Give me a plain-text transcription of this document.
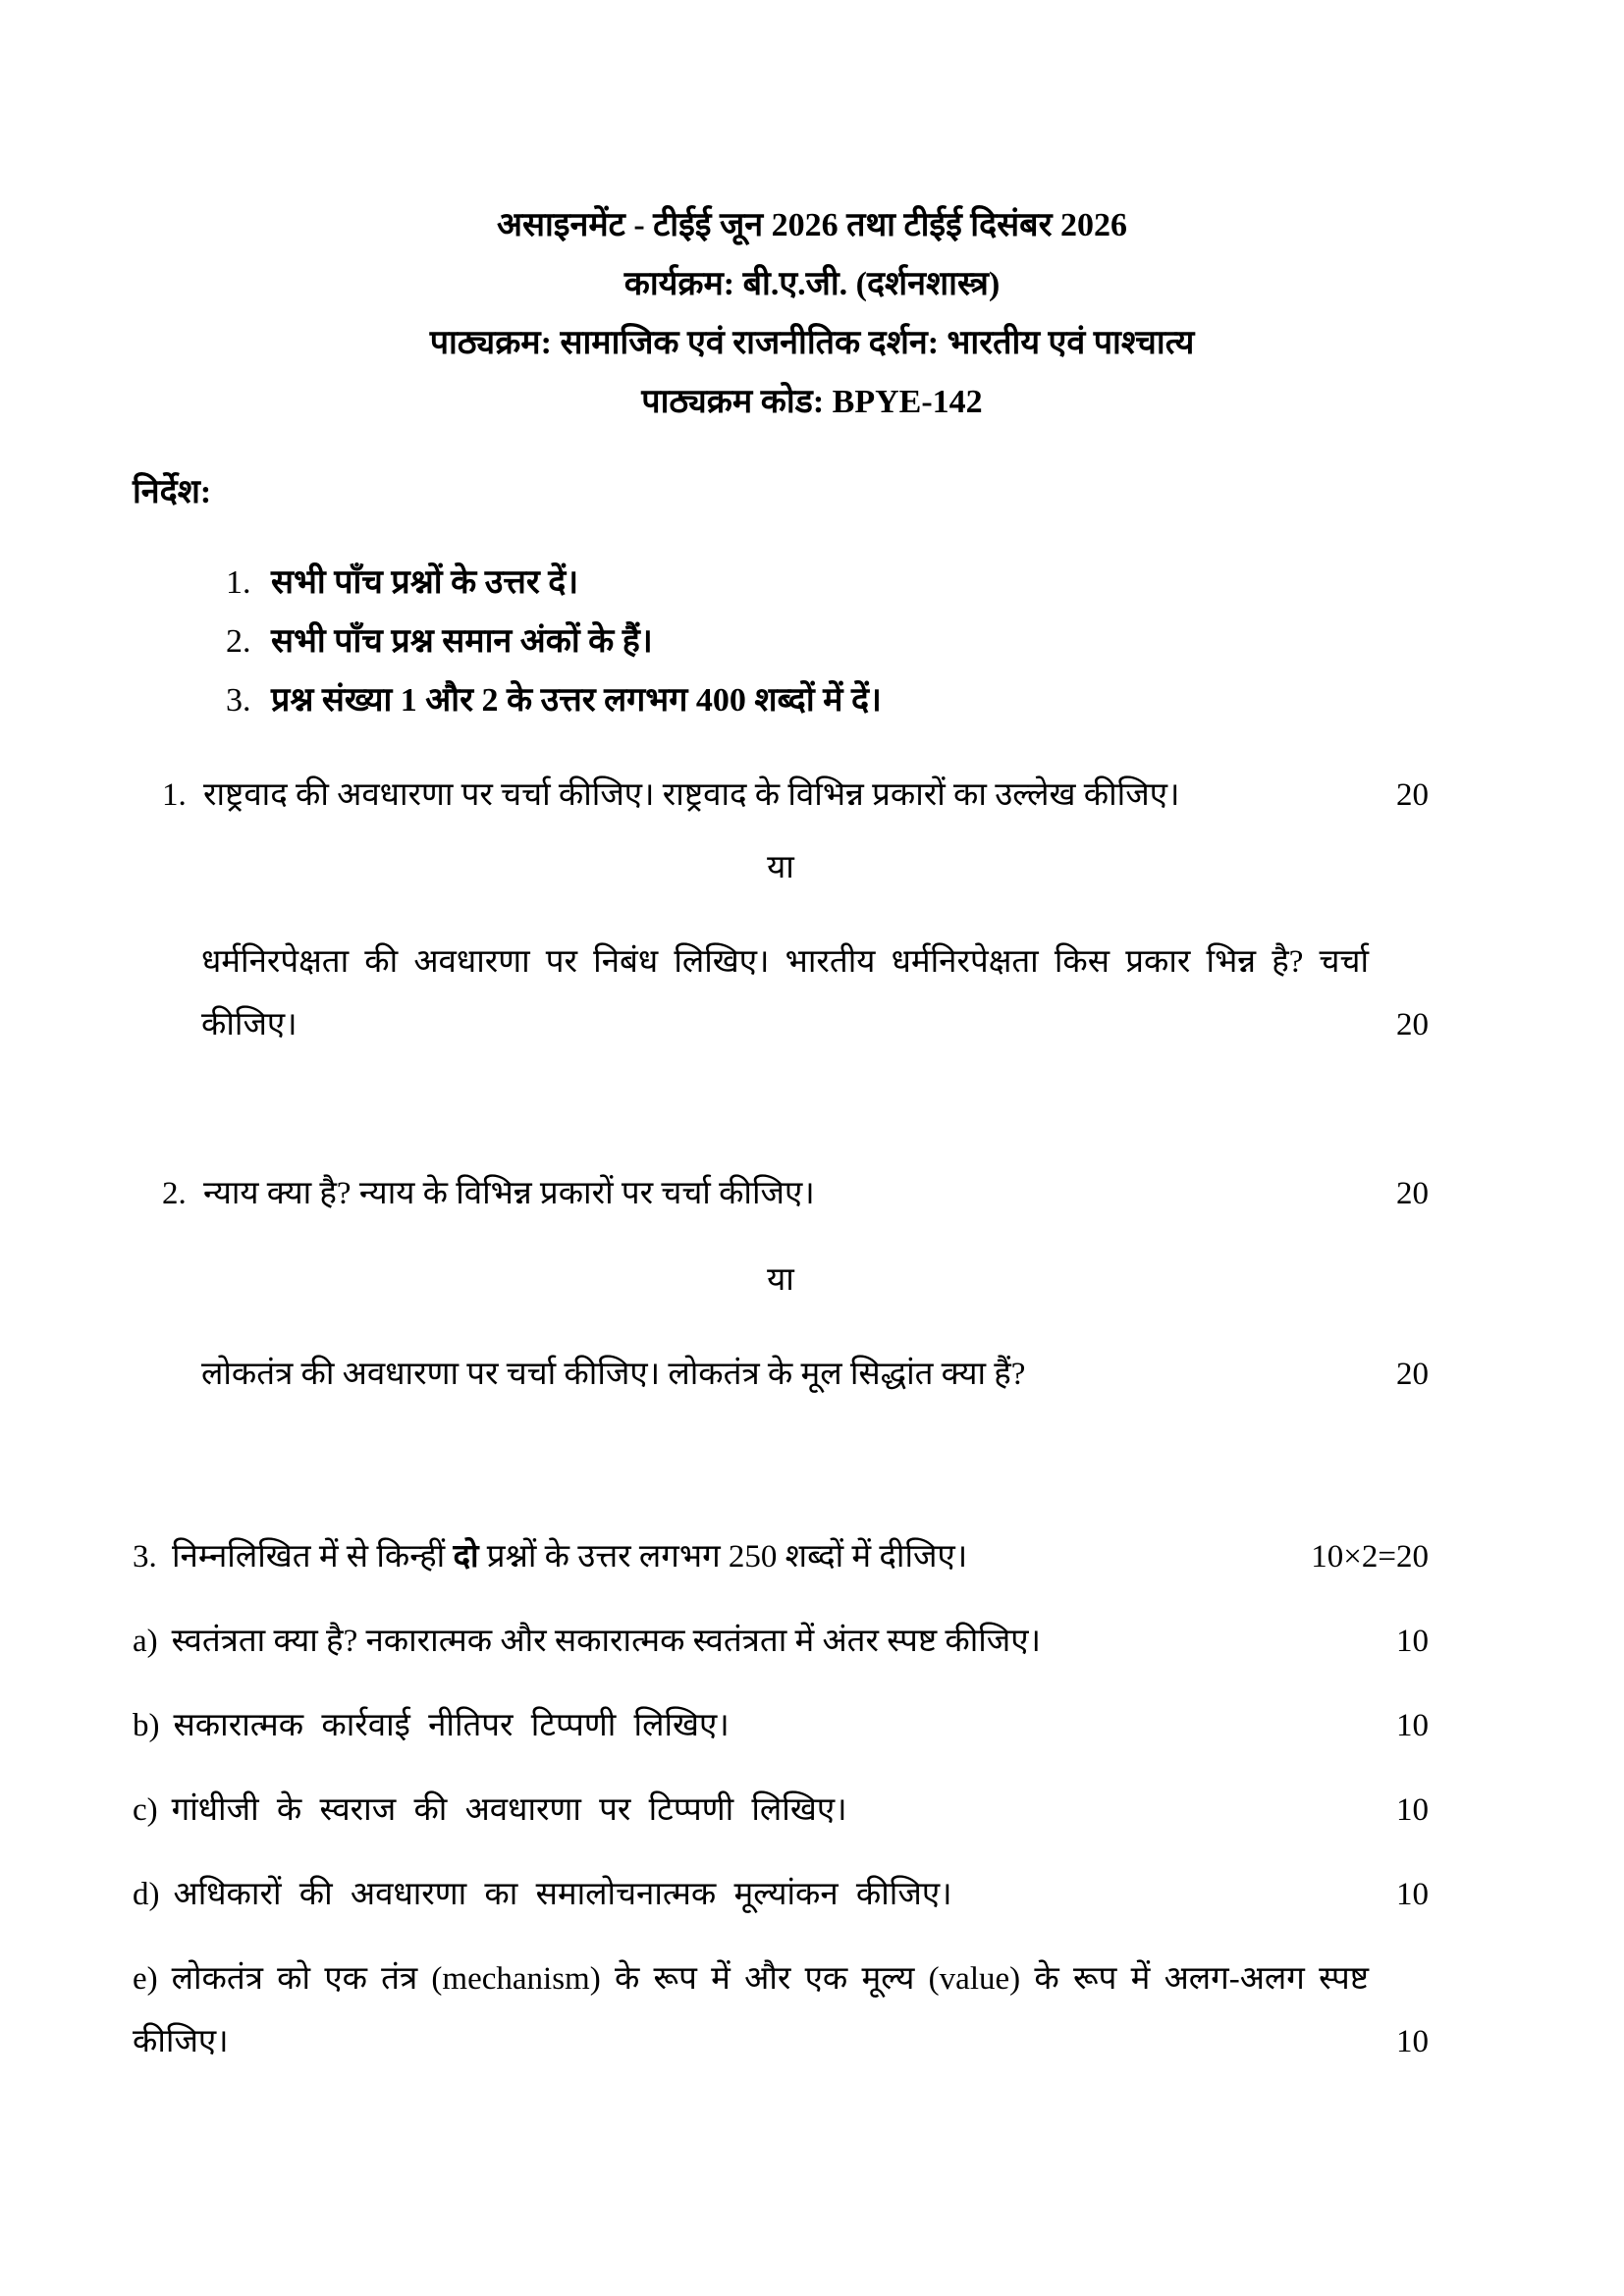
असाइनमेंट - टीईई जून 2026 तथा टीईई दिसंबर 2026
कार्यक्रम: बी.ए.जी. (दर्शनशास्त्र)
पाठ्यक्रम: सामाजिक एवं राजनीतिक दर्शन: भारतीय एवं पाश्चात्य
पाठ्यक्रम कोड: BPYE-142
निर्देश:
1. सभी पाँच प्रश्नों के उत्तर दें।
2. सभी पाँच प्रश्न समान अंकों के हैं।
3. प्रश्न संख्या 1 और 2 के उत्तर लगभग 400 शब्दों में दें।
1. राष्ट्रवाद की अवधारणा पर चर्चा कीजिए। राष्ट्रवाद के विभिन्न प्रकारों का उल्लेख कीजिए।	20
या
धर्मनिरपेक्षता की अवधारणा पर निबंध लिखिए। भारतीय धर्मनिरपेक्षता किस प्रकार भिन्न है? चर्चा कीजिए।	20
2. न्याय क्या है? न्याय के विभिन्न प्रकारों पर चर्चा कीजिए।	20
या
लोकतंत्र की अवधारणा पर चर्चा कीजिए। लोकतंत्र के मूल सिद्धांत क्या हैं?	20
3. निम्नलिखित में से किन्हीं दो प्रश्नों के उत्तर लगभग 250 शब्दों में दीजिए।	10×2=20
a) स्वतंत्रता क्या है? नकारात्मक और सकारात्मक स्वतंत्रता में अंतर स्पष्ट कीजिए।	10
b) सकारात्मक कार्रवाई नीतिपर टिप्पणी लिखिए।	10
c) गांधीजी के स्वराज की अवधारणा पर टिप्पणी लिखिए।	10
d) अधिकारों की अवधारणा का समालोचनात्मक मूल्यांकन कीजिए।	10
e) लोकतंत्र को एक तंत्र (mechanism) के रूप में और एक मूल्य (value) के रूप में अलग-अलग स्पष्ट कीजिए।	10
